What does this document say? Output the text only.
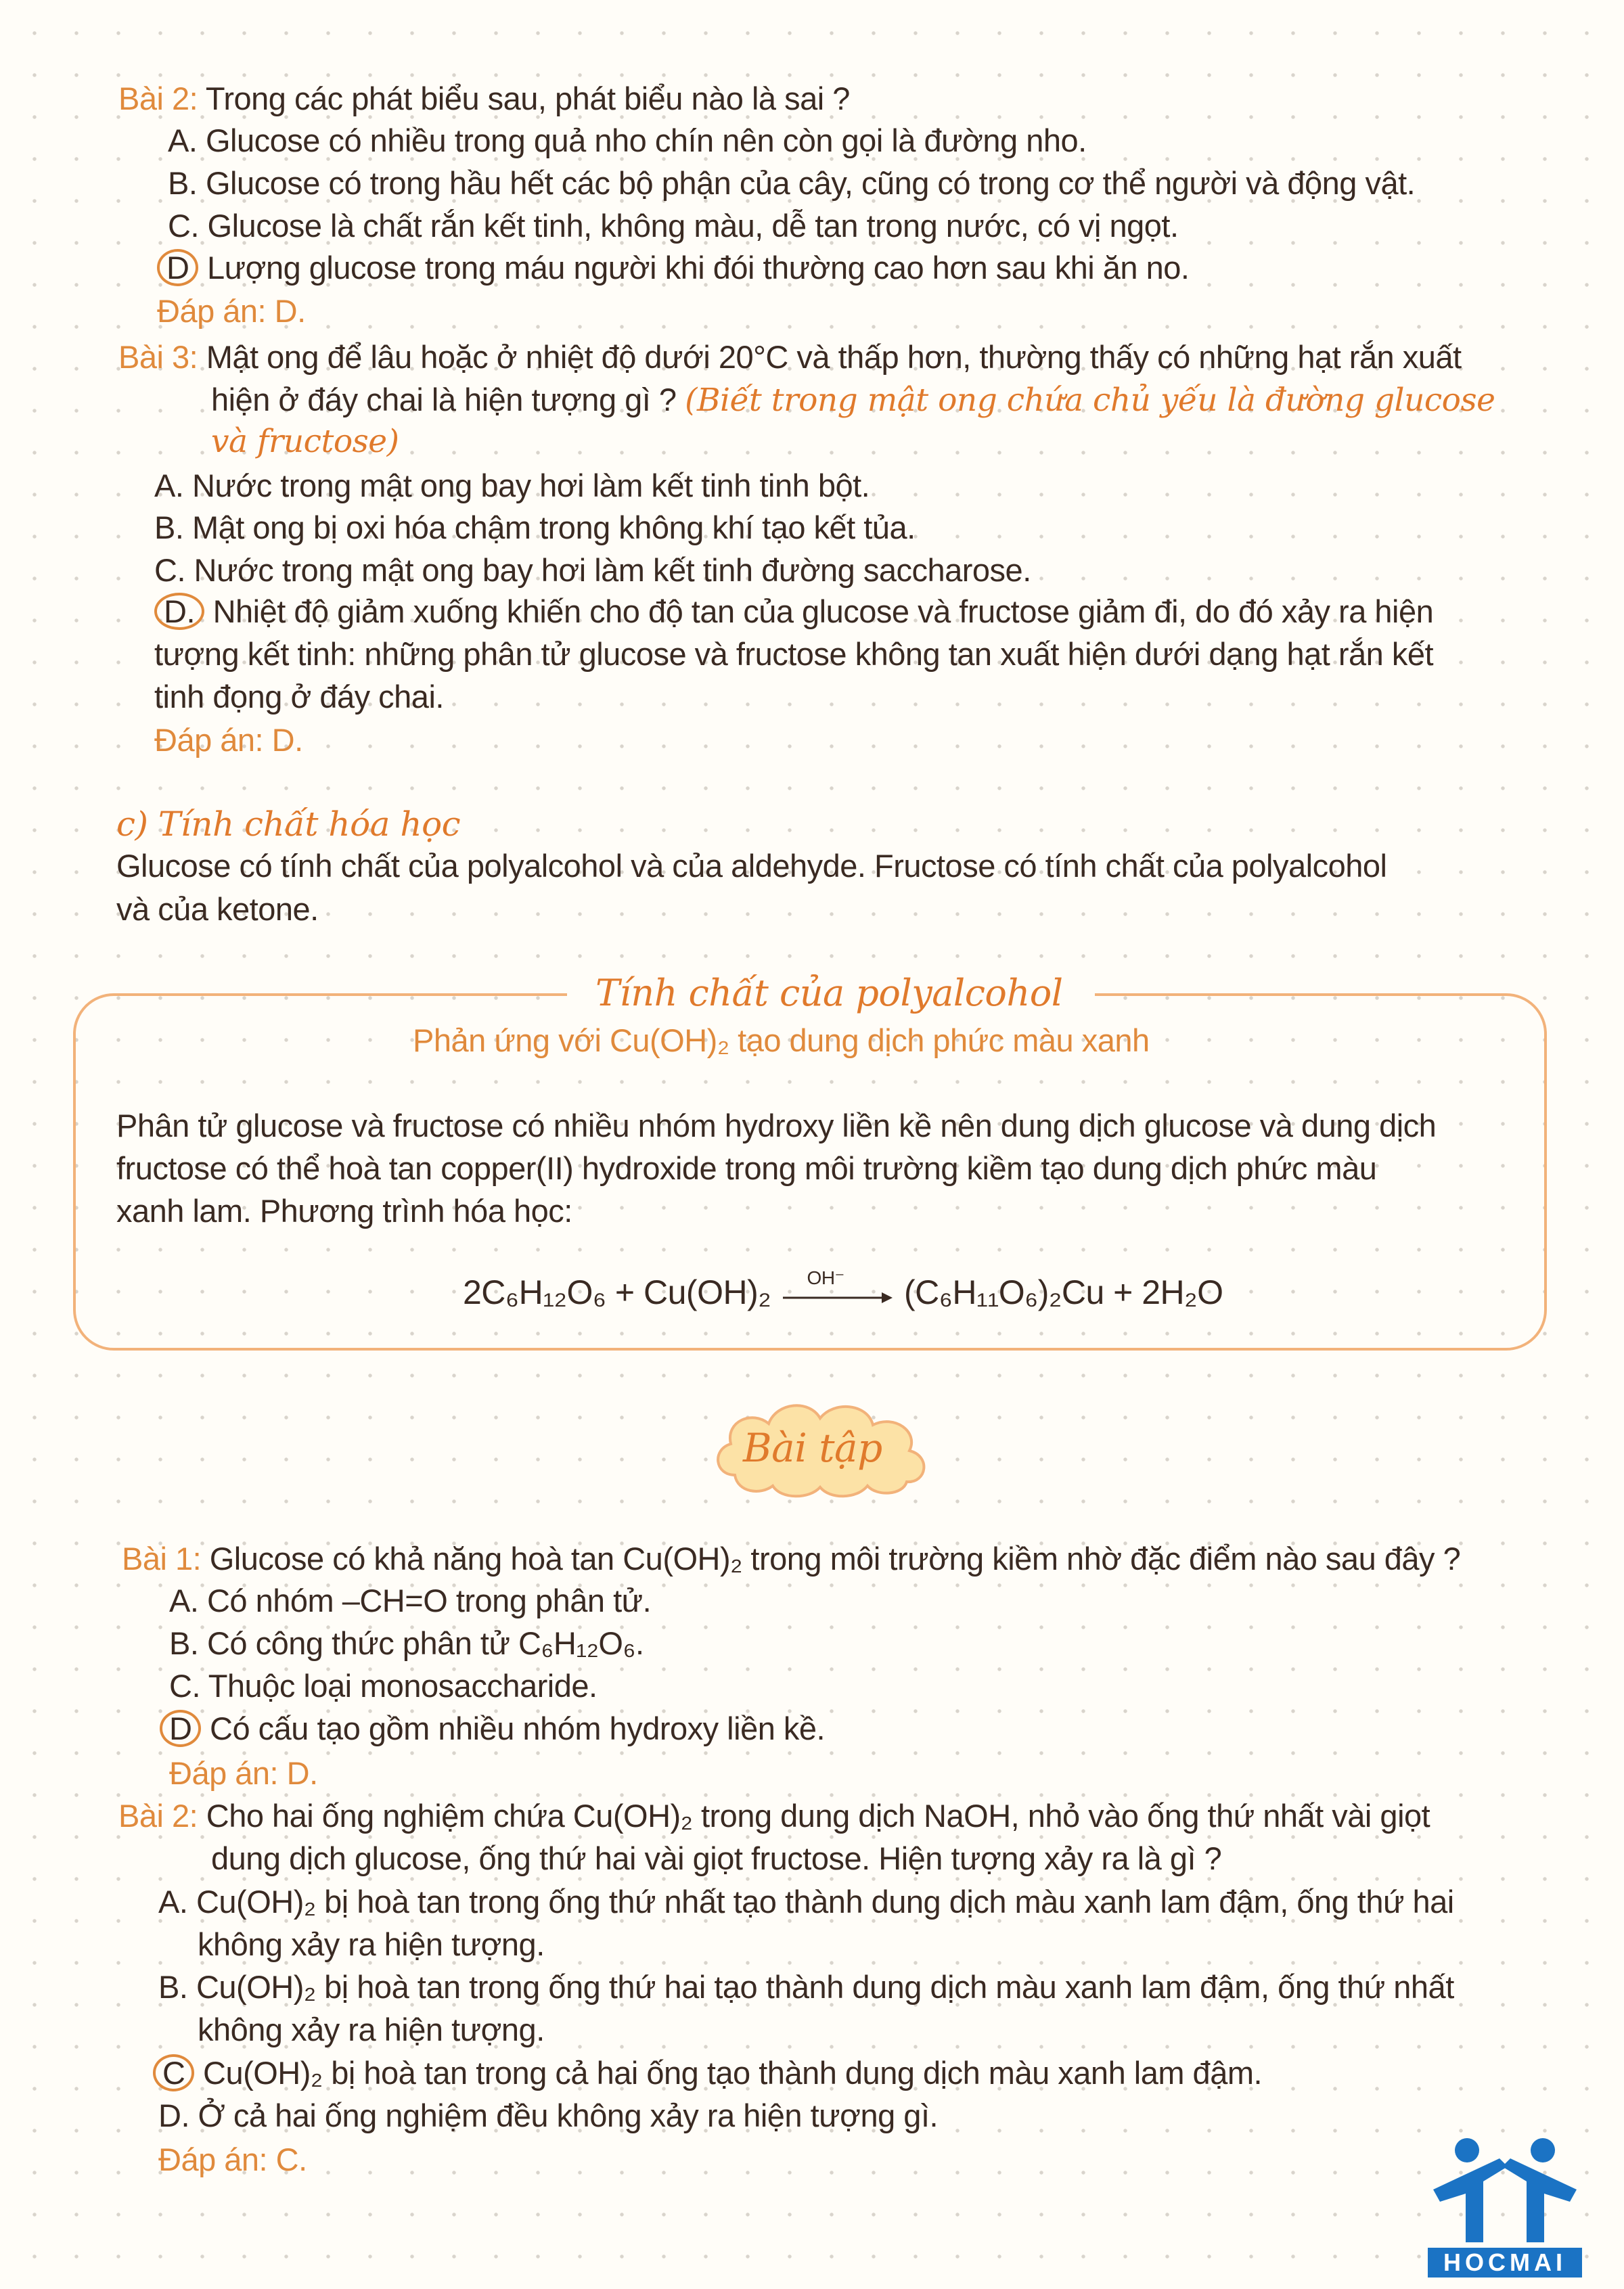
Bài 2: Trong các phát biểu sau, phát biểu nào là sai ?
A. Glucose có nhiều trong quả nho chín nên còn gọi là đường nho.
B. Glucose có trong hầu hết các bộ phận của cây, cũng có trong cơ thể người và động vật.
C. Glucose là chất rắn kết tinh, không màu, dễ tan trong nước, có vị ngọt.
D Lượng glucose trong máu người khi đói thường cao hơn sau khi ăn no.
Đáp án: D.
Bài 3: Mật ong để lâu hoặc ở nhiệt độ dưới 20°C và thấp hơn, thường thấy có những hạt rắn xuất
hiện ở đáy chai là hiện tượng gì ? (Biết trong mật ong chứa chủ yếu là đường glucose
và fructose)
A. Nước trong mật ong bay hơi làm kết tinh tinh bột.
B. Mật ong bị oxi hóa chậm trong không khí tạo kết tủa.
C. Nước trong mật ong bay hơi làm kết tinh đường saccharose.
D. Nhiệt độ giảm xuống khiến cho độ tan của glucose và fructose giảm đi, do đó xảy ra hiện
tượng kết tinh: những phân tử glucose và fructose không tan xuất hiện dưới dạng hạt rắn kết
tinh đọng ở đáy chai.
Đáp án: D.
c) Tính chất hóa học
Glucose có tính chất của polyalcohol và của aldehyde. Fructose có tính chất của polyalcohol
và của ketone.
Tính chất của polyalcohol
Phản ứng với Cu(OH)₂ tạo dung dịch phức màu xanh
Phân tử glucose và fructose có nhiều nhóm hydroxy liền kề nên dung dịch glucose và dung dịch
fructose có thể hoà tan copper(II) hydroxide trong môi trường kiềm tạo dung dịch phức màu
xanh lam. Phương trình hóa học:
2C₆H₁₂O₆ + Cu(OH)₂ OH⁻ (C₆H₁₁O₆)₂Cu + 2H₂O
Bài tập
Bài 1: Glucose có khả năng hoà tan Cu(OH)₂ trong môi trường kiềm nhờ đặc điểm nào sau đây ?
A. Có nhóm –CH=O trong phân tử.
B. Có công thức phân tử C₆H₁₂O₆.
C. Thuộc loại monosaccharide.
D Có cấu tạo gồm nhiều nhóm hydroxy liền kề.
Đáp án: D.
Bài 2: Cho hai ống nghiệm chứa Cu(OH)₂ trong dung dịch NaOH, nhỏ vào ống thứ nhất vài giọt
dung dịch glucose, ống thứ hai vài giọt fructose. Hiện tượng xảy ra là gì ?
A. Cu(OH)₂ bị hoà tan trong ống thứ nhất tạo thành dung dịch màu xanh lam đậm, ống thứ hai
không xảy ra hiện tượng.
B. Cu(OH)₂ bị hoà tan trong ống thứ hai tạo thành dung dịch màu xanh lam đậm, ống thứ nhất
không xảy ra hiện tượng.
C Cu(OH)₂ bị hoà tan trong cả hai ống tạo thành dung dịch màu xanh lam đậm.
D. Ở cả hai ống nghiệm đều không xảy ra hiện tượng gì.
Đáp án: C.
HOCMAI
